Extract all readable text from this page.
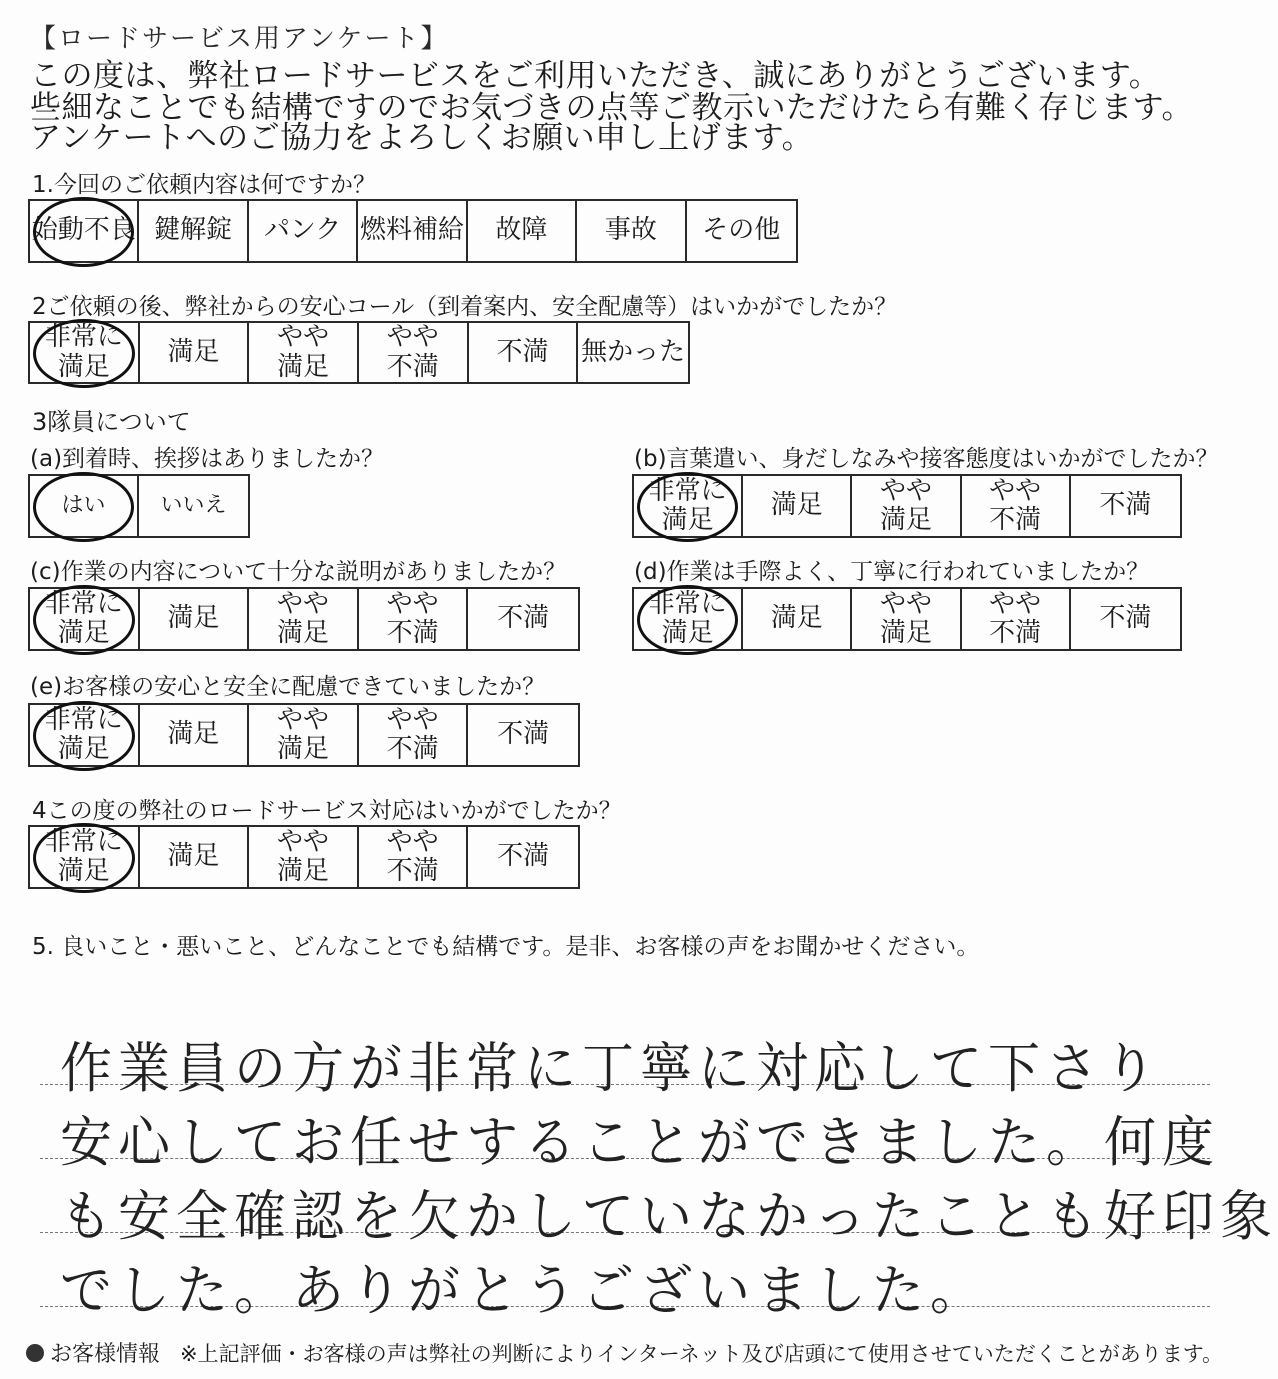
【ロードサービス用アンケート】
この度は、弊社ロードサービスをご利用いただき、誠にありがとうございます。
些細なことでも結構ですのでお気づきの点等ご教示いただけたら有難く存じます。
アンケートへのご協力をよろしくお願い申し上げます。
1.今回のご依頼内容は何ですか？
始動不良 鍵解錠 パンク 燃料補給 故障 事故 その他
2ご依頼の後、弊社からの安心コール（到着案内、安全配慮等）はいかがでしたか？
非常に
満足 満足 やや
満足
やや
不満 不満 無かった
3隊員について
(a)到着時、挨拶はありましたか？
はい いいえ
(b)言葉遣い、身だしなみや接客態度はいかがでしたか？
非常に
満足 満足 やや
満足
やや
不満 不満
(c)作業の内容について十分な説明がありましたか？
非常に
満足 満足 やや
満足
やや
不満 不満
(d)作業は手際よく、丁寧に行われていましたか？
非常に
満足 満足 やや
満足
やや
不満 不満
(e)お客様の安心と安全に配慮できていましたか？
非常に
満足 満足 やや
満足
やや
不満 不満
4この度の弊社のロードサービス対応はいかがでしたか？
非常に
満足 満足 やや
満足
やや
不満 不満
5. 良いこと・悪いこと、どんなことでも結構です。是非、お客様の声をお聞かせください。
作業員の方が非常に丁寧に対応して下さり
安心してお任せすることができました。何度
も安全確認を欠かしていなかったことも好印象
でした。ありがとうございました。
お客様情報 ※上記評価・お客様の声は弊社の判断によりインターネット及び店頭にて使用させていただくことがあります。
